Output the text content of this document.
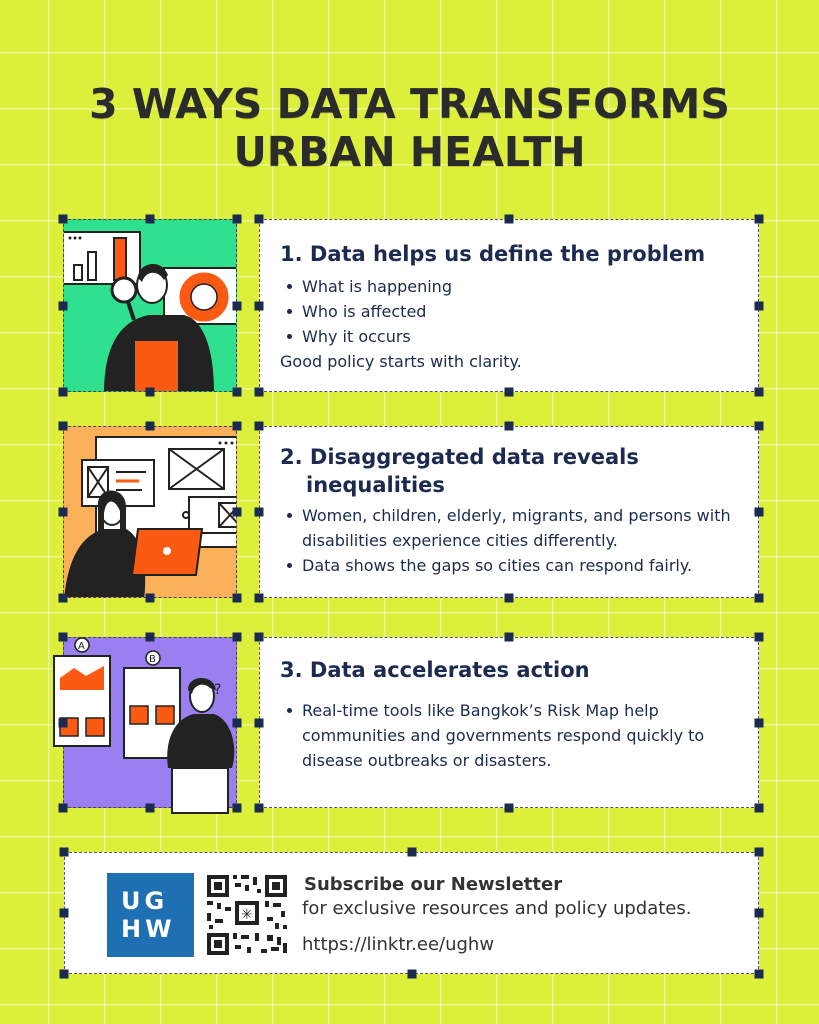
3 WAYS DATA TRANSFORMS
URBAN HEALTH
1. Data helps us define the problem
What is happening
Who is affected
Why it occurs
Good policy starts with clarity.
2. Disaggregated data reveals
inequalities
Women, children, elderly, migrants, and persons with disabilities experience cities differently.
Data shows the gaps so cities can respond fairly.
A
B
?
3. Data accelerates action
Real-time tools like Bangkok’s Risk Map help communities and governments respond quickly to disease outbreaks or disasters.
UG
HW	✳
Subscribe our Newsletter
for exclusive resources and policy updates.
https://linktr.ee/ughw
